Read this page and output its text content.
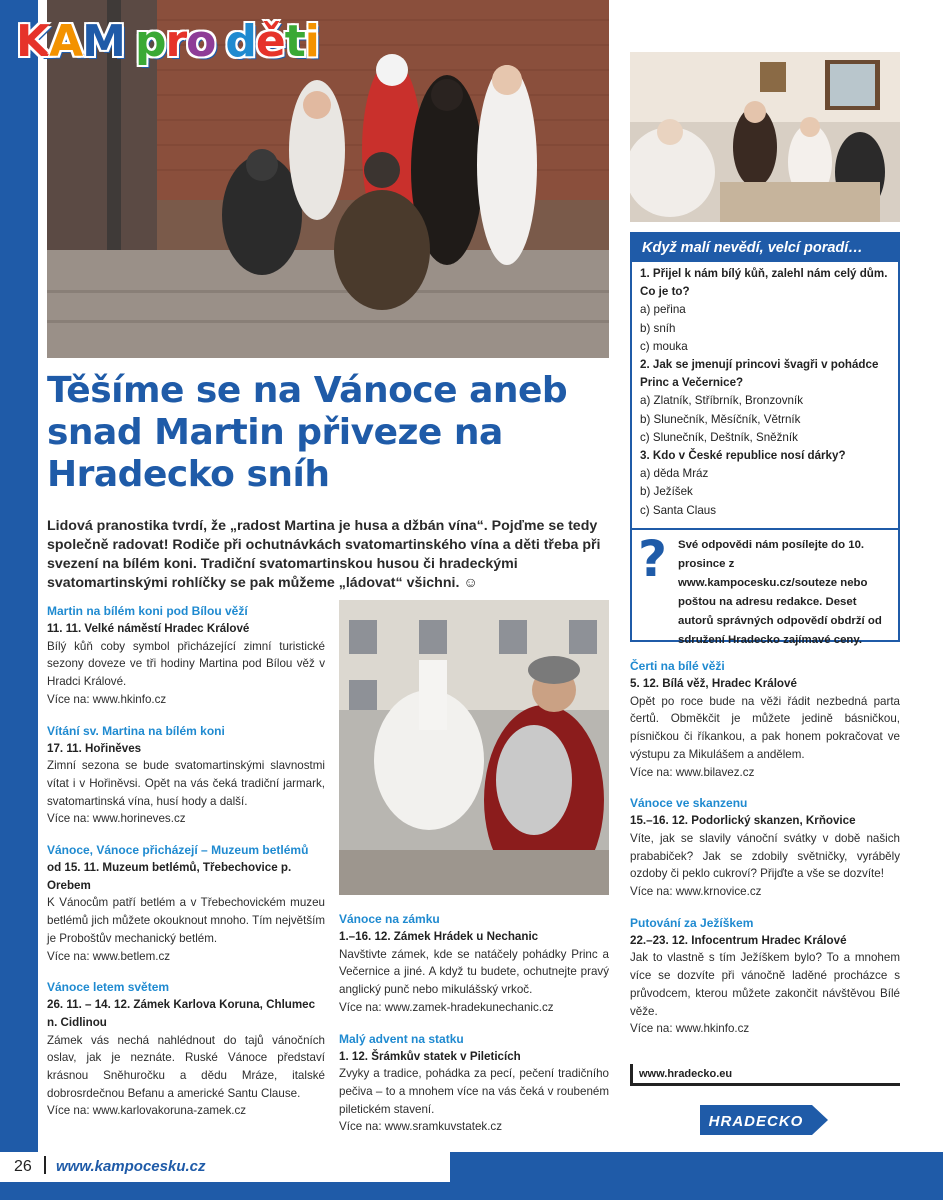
KAM pro děti
Když malí nevědí, velcí poradí…
1. Přijel k nám bílý kůň, zalehl nám celý dům. Co je to?
a) peřina
b) sníh
c) mouka
2. Jak se jmenují princovi švagři v pohádce Princ a Večernice?
a) Zlatník, Stříbrník, Bronzovník
b) Slunečník, Měsíčník, Větrník
c) Slunečník, Deštník, Sněžník
3. Kdo v České republice nosí dárky?
a) děda Mráz
b) Ježíšek
c) Santa Claus
? Své odpovědi nám posílejte do 10. prosince z www.kampocesku.cz/souteze nebo poštou na adresu redakce. Deset autorů správných odpovědí obdrží od sdružení Hradecko zajímavé ceny.
Těšíme se na Vánoce aneb snad Martin přiveze na Hradecko sníh
Lidová pranostika tvrdí, že „radost Martina je husa a džbán vína“. Pojďme se tedy společně radovat! Rodiče při ochutnávkách svatomartinského vína a děti třeba při svezení na bílém koni. Tradiční svatomartinskou husou či hradeckými svatomartinskými rohlíčky se pak můžeme „ládovat“ všichni. ☺
Martin na bílém koni pod Bílou věží
11. 11. Velké náměstí Hradec Králové
Bílý kůň coby symbol přicházející zimní turistické sezony doveze ve tři hodiny Martina pod Bílou věž v Hradci Králové.
Více na: www.hkinfo.cz
Vítání sv. Martina na bílém koni
17. 11. Hořiněves
Zimní sezona se bude svatomartinskými slavnostmi vítat i v Hořiněvsi. Opět na vás čeká tradiční jarmark, svatomartinská vína, husí hody a další.
Více na: www.horineves.cz
Vánoce, Vánoce přicházejí – Muzeum betlémů
od 15. 11. Muzeum betlémů, Třebechovice p. Orebem
K Vánocům patří betlém a v Třebechovickém muzeu betlémů jich můžete okouknout mnoho. Tím největším je Proboštův mechanický betlém.
Více na: www.betlem.cz
Vánoce letem světem
26. 11. – 14. 12. Zámek Karlova Koruna, Chlumec n. Cidlinou
Zámek vás nechá nahlédnout do tajů vánočních oslav, jak je neznáte. Ruské Vánoce představí krásnou Sněhuročku a dědu Mráze, italské dobrosrdečnou Befanu a americké Santu Clause.
Více na: www.karlovakoruna-zamek.cz
Vánoce na zámku
1.–16. 12. Zámek Hrádek u Nechanic
Navštivte zámek, kde se natáčely pohádky Princ a Večernice a jiné. A když tu budete, ochutnejte pravý anglický punč nebo mikulášský vrkoč.
Více na: www.zamek-hradekunechanic.cz
Malý advent na statku
1. 12. Šrámkův statek v Pileticích
Zvyky a tradice, pohádka za pecí, pečení tradičního pečiva – to a mnohem více na vás čeká v roubeném piletickém stavení.
Více na: www.sramkuvstatek.cz
Čerti na bílé věži
5. 12. Bílá věž, Hradec Králové
Opět po roce bude na věži řádit nezbedná parta čertů. Obměkčit je můžete jedině básničkou, písničkou či říkankou, a pak honem pokračovat ve výstupu za Mikulášem a andělem.
Více na: www.bilavez.cz
Vánoce ve skanzenu
15.–16. 12. Podorlický skanzen, Krňovice
Víte, jak se slavily vánoční svátky v době našich prababiček? Jak se zdobily světničky, vyráběly ozdoby či peklo cukroví? Přijďte a vše se dozvíte!
Více na: www.krnovice.cz
Putování za Ježíškem
22.–23. 12. Infocentrum Hradec Králové
Jak to vlastně s tím Ježíškem bylo? To a mnohem více se dozvíte při vánočně laděné procházce s průvodcem, kterou můžete zakončit návštěvou Bílé věže.
Více na: www.hkinfo.cz
www.hradecko.eu
HRADECKO
26 www.kampocesku.cz
